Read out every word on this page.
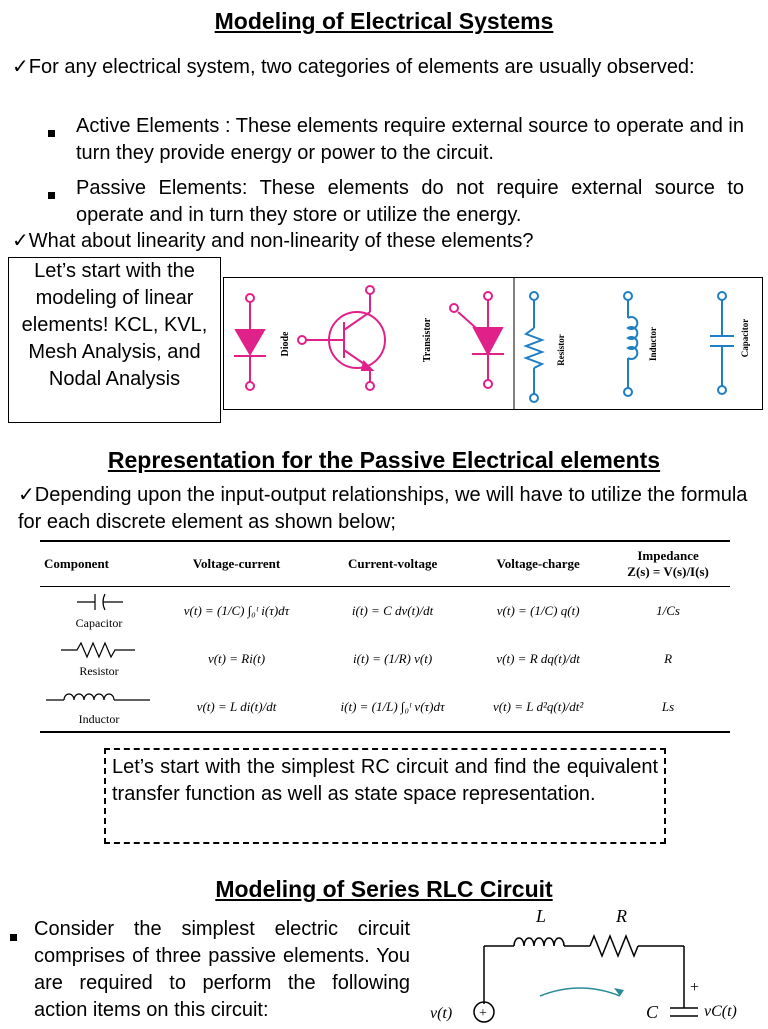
Modeling of Electrical Systems
✓For any electrical system, two categories of elements are usually observed:
Active Elements : These elements require external source to operate and in turn they provide energy or power to the circuit.
Passive Elements: These elements do not require external source to operate and in turn they store or utilize the energy.
✓What about linearity and non-linearity of these elements?
Let’s start with the modeling of linear elements! KCL, KVL, Mesh Analysis, and Nodal Analysis
Diode	Transistor	Resistor	Inductor	Capacitor
Representation for the Passive Electrical elements
✓Depending upon the input-output relationships, we will have to utilize the formula for each discrete element as shown below;
Component	Voltage-current	Current-voltage	Voltage-charge	Impedance
Z(s) = V(s)/I(s)

Capacitor	v(t) = (1/C) ∫₀ᵗ i(τ)dτ	i(t) = C dv(t)/dt	v(t) = (1/C) q(t)	1/Cs

Resistor	v(t) = Ri(t)	i(t) = (1/R) v(t)	v(t) = R dq(t)/dt	R

Inductor	v(t) = L di(t)/dt	i(t) = (1/L) ∫₀ᵗ v(τ)dτ	v(t) = L d²q(t)/dt²	Ls
Let’s start with the simplest RC circuit and find the equivalent transfer function as well as state space representation.
Modeling of Series RLC Circuit
Consider the simplest electric circuit comprises of three passive elements. You are required to perform the following action items on this circuit:
L	R
C
+
+
v(t)	vC(t)
